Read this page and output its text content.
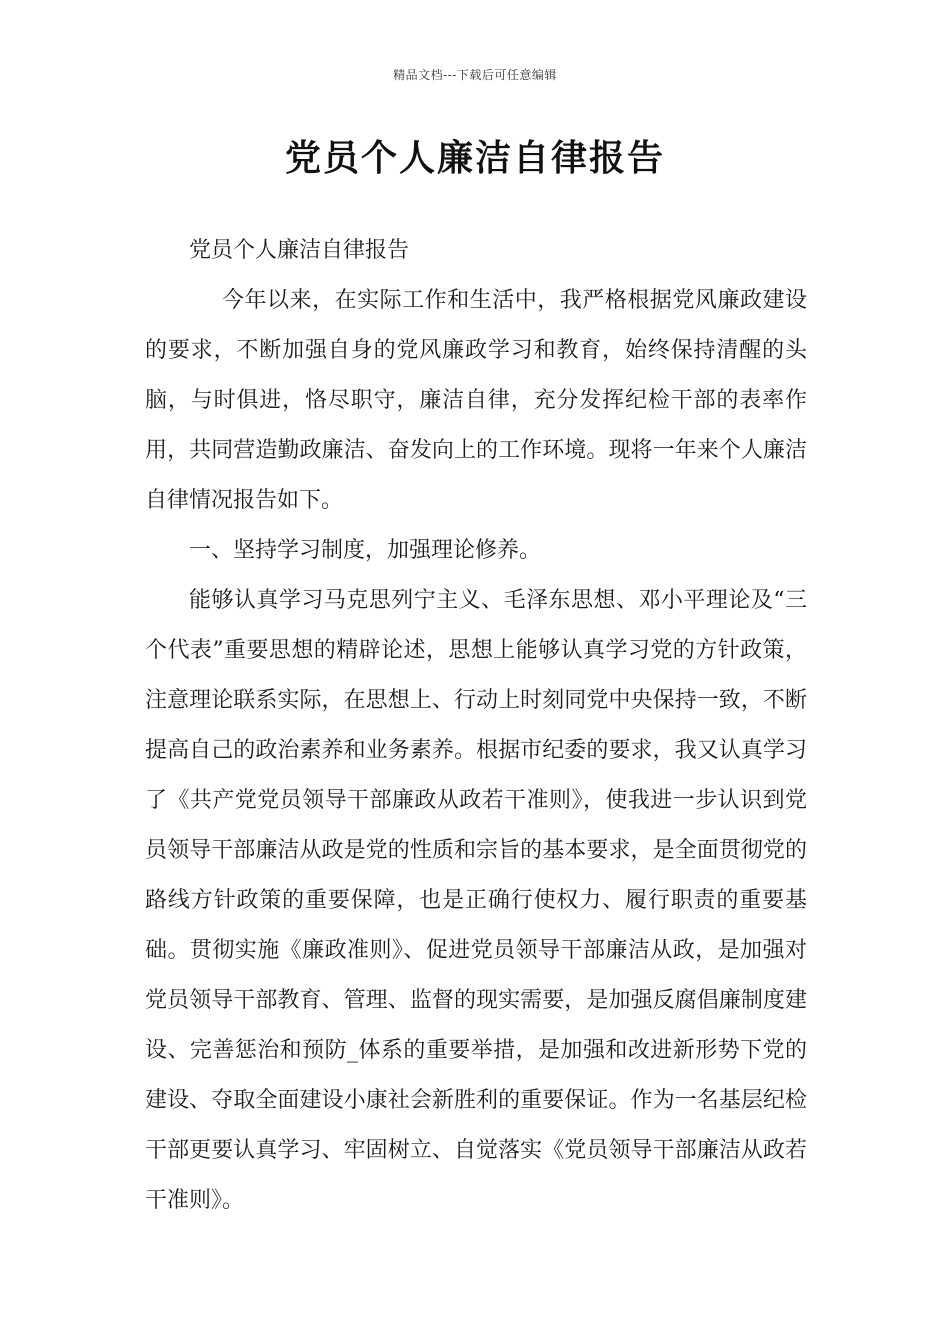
精品文档---下载后可任意编辑
党员个人廉洁自律报告

党员个人廉洁自律报告

今年以来，在实际工作和生活中，我严格根据党风廉政建设的要求，不断加强自身的党风廉政学习和教育，始终保持清醒的头脑，与时俱进，恪尽职守，廉洁自律，充分发挥纪检干部的表率作用，共同营造勤政廉洁、奋发向上的工作环境。现将一年来个人廉洁自律情况报告如下。

一、坚持学习制度，加强理论修养。

能够认真学习马克思列宁主义、毛泽东思想、邓小平理论及“三个代表”重要思想的精辟论述，思想上能够认真学习党的方针政策，注意理论联系实际，在思想上、行动上时刻同党中央保持一致，不断提高自己的政治素养和业务素养。根据市纪委的要求，我又认真学习了《共产党党员领导干部廉政从政若干准则》，使我进一步认识到党员领导干部廉洁从政是党的性质和宗旨的基本要求，是全面贯彻党的路线方针政策的重要保障，也是正确行使权力、履行职责的重要基础。贯彻实施《廉政准则》、促进党员领导干部廉洁从政，是加强对党员领导干部教育、管理、监督的现实需要，是加强反腐倡廉制度建设、完善惩治和预防_体系的重要举措，是加强和改进新形势下党的建设、夺取全面建设小康社会新胜利的重要保证。作为一名基层纪检干部更要认真学习、牢固树立、自觉落实《党员领导干部廉洁从政若干准则》。
